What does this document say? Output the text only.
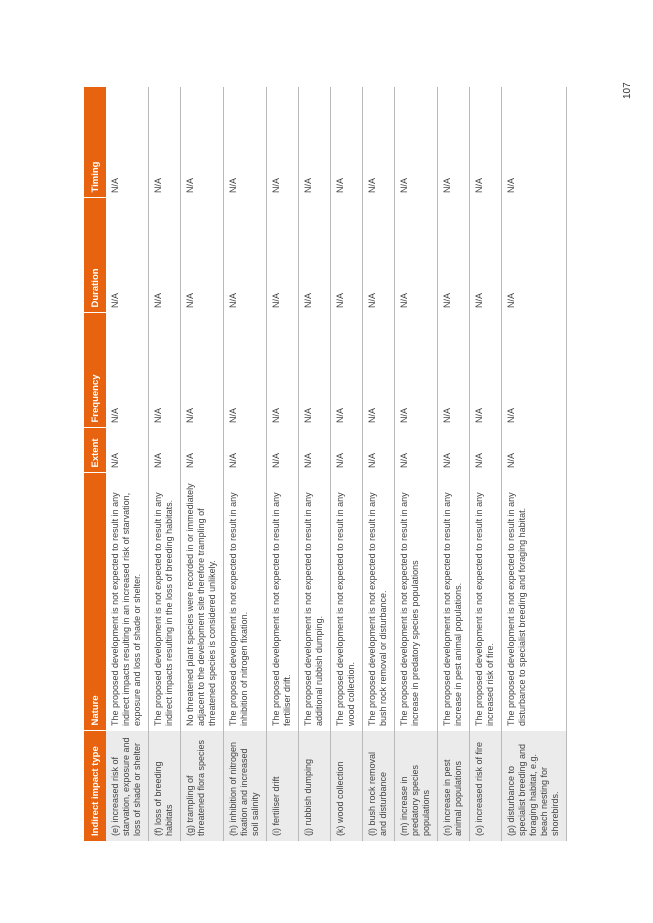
107
Indirect impact type	Nature	Extent	Frequency	Duration	Timing
(e) increased risk of starvation, exposure and loss of shade or shelter	The proposed development is not expected to result in any indirect impacts resulting in an increased risk of starvation, exposure and loss of shade or shelter.	N/A	N/A	N/A	N/A
(f) loss of breeding habitats	The proposed development is not expected to result in any indirect impacts resulting in the loss of breeding habitats.	N/A	N/A	N/A	N/A
(g) trampling of threatened flora species	No threatened plant species were recorded in or immediately adjacent to the development site therefore trampling of threatened species is considered unlikely.	N/A	N/A	N/A	N/A
(h) inhibition of nitrogen fixation and increased soil salinity	The proposed development is not expected to result in any inhibition of nitrogen fixation.	N/A	N/A	N/A	N/A
(i) fertiliser drift	The proposed development is not expected to result in any fertiliser drift.	N/A	N/A	N/A	N/A
(j) rubbish dumping	The proposed development is not expected to result in any additional rubbish dumping.	N/A	N/A	N/A	N/A
(k) wood collection	The proposed development is not expected to result in any wood collection.	N/A	N/A	N/A	N/A
(l) bush rock removal and disturbance	The proposed development is not expected to result in any bush rock removal or disturbance.	N/A	N/A	N/A	N/A
(m) increase in predatory species populations	The proposed development is not expected to result in any increase in predatory species populations	N/A	N/A	N/A	N/A
(n) increase in pest animal populations	The proposed development is not expected to result in any increase in pest animal populations.	N/A	N/A	N/A	N/A
(o) increased risk of fire	The proposed development is not expected to result in any increased risk of fire.	N/A	N/A	N/A	N/A
(p) disturbance to specialist breeding and foraging habitat, e.g. beach nesting for shorebirds.	The proposed development is not expected to result in any disturbance to specialist breeding and foraging habitat.	N/A	N/A	N/A	N/A
